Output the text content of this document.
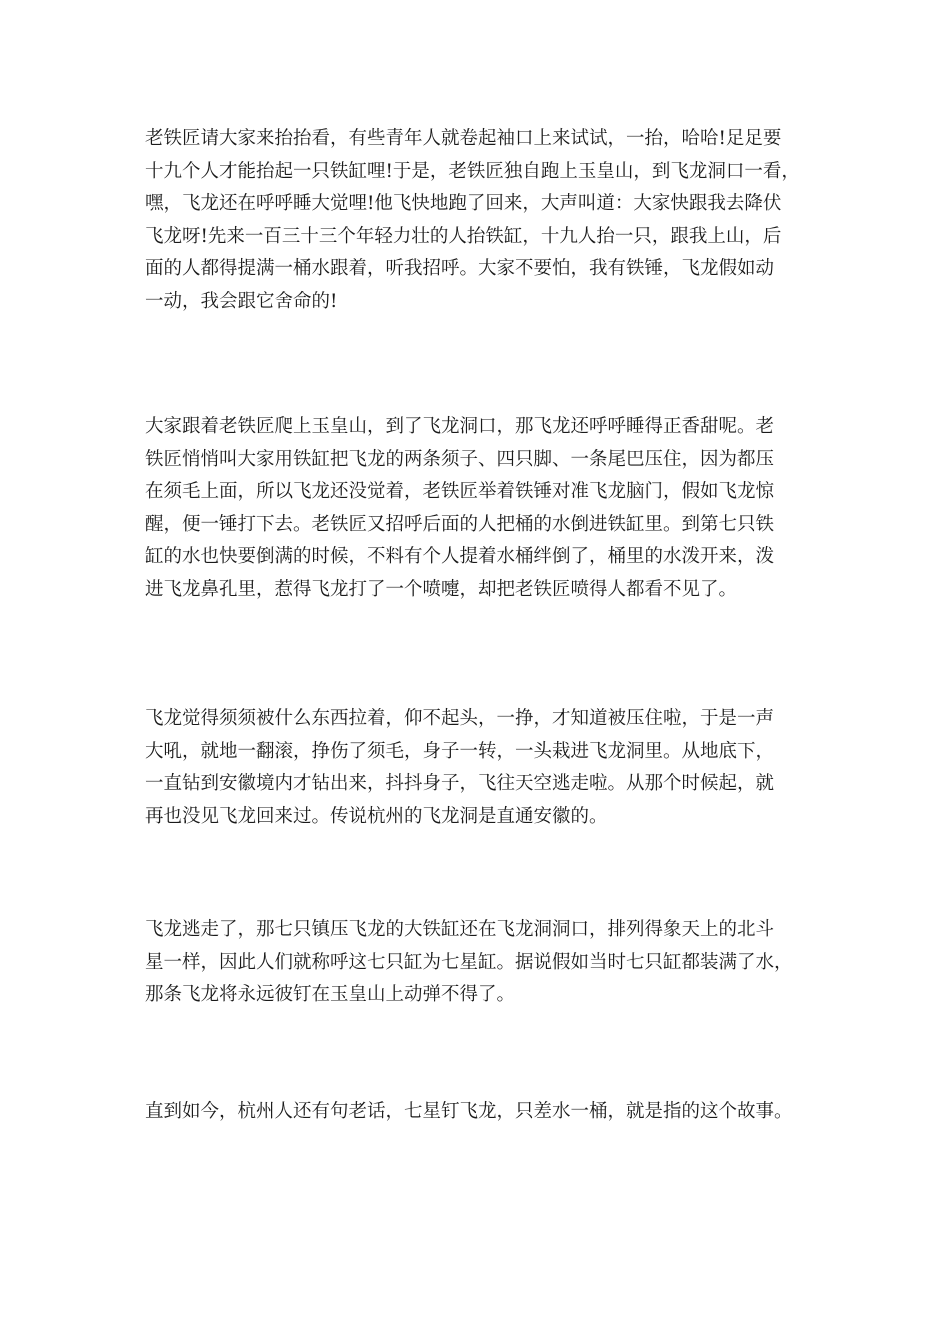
老铁匠请大家来抬抬看，有些青年人就卷起袖口上来试试，一抬，哈哈!足足要
十九个人才能抬起一只铁缸哩!于是，老铁匠独自跑上玉皇山，到飞龙洞口一看，
嘿，飞龙还在呼呼睡大觉哩!他飞快地跑了回来，大声叫道：大家快跟我去降伏
飞龙呀!先来一百三十三个年轻力壮的人抬铁缸，十九人抬一只，跟我上山，后
面的人都得提满一桶水跟着，听我招呼。大家不要怕，我有铁锤，飞龙假如动
一动，我会跟它舍命的!

大家跟着老铁匠爬上玉皇山，到了飞龙洞口，那飞龙还呼呼睡得正香甜呢。老
铁匠悄悄叫大家用铁缸把飞龙的两条须子、四只脚、一条尾巴压住，因为都压
在须毛上面，所以飞龙还没觉着，老铁匠举着铁锤对准飞龙脑门，假如飞龙惊
醒，便一锤打下去。老铁匠又招呼后面的人把桶的水倒进铁缸里。到第七只铁
缸的水也快要倒满的时候，不料有个人提着水桶绊倒了，桶里的水泼开来，泼
进飞龙鼻孔里，惹得飞龙打了一个喷嚏，却把老铁匠喷得人都看不见了。

飞龙觉得须须被什么东西拉着，仰不起头，一挣，才知道被压住啦，于是一声
大吼，就地一翻滚，挣伤了须毛，身子一转，一头栽进飞龙洞里。从地底下，
一直钻到安徽境内才钻出来，抖抖身子，飞往天空逃走啦。从那个时候起，就
再也没见飞龙回来过。传说杭州的飞龙洞是直通安徽的。

飞龙逃走了，那七只镇压飞龙的大铁缸还在飞龙洞洞口，排列得象天上的北斗
星一样，因此人们就称呼这七只缸为七星缸。据说假如当时七只缸都装满了水，
那条飞龙将永远彼钉在玉皇山上动弹不得了。

直到如今，杭州人还有句老话，七星钉飞龙，只差水一桶，就是指的这个故事。
